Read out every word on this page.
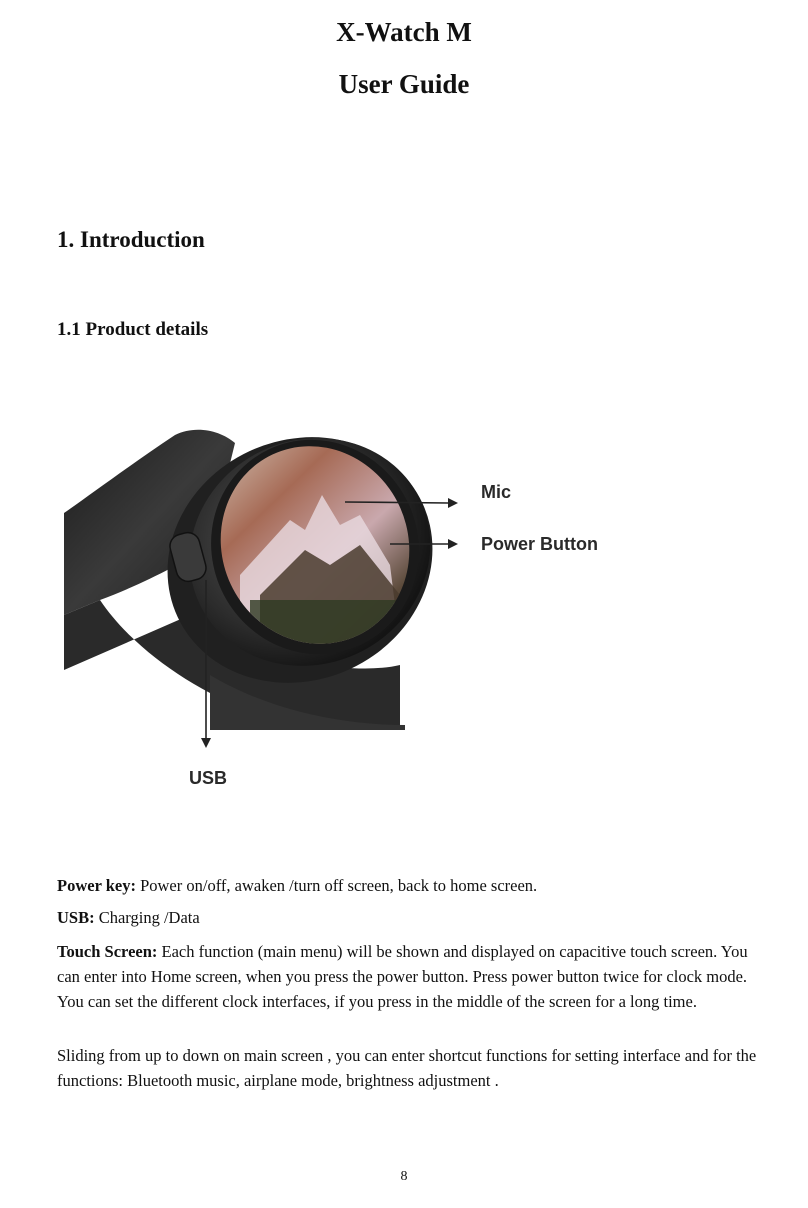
X-Watch M
User Guide
1. Introduction
1.1 Product details
Mic
Power Button
USB

Power key: Power on/off, awaken /turn off screen, back to home screen.

USB: Charging /Data

Touch Screen: Each function (main menu) will be shown and displayed on capacitive touch screen. You can enter into Home screen, when you press the power button. Press power button twice for clock mode. You can set the different clock interfaces, if you press in the middle of the screen for a long time.

Sliding from up to down on main screen , you can enter shortcut functions for setting interface and for the functions: Bluetooth music, airplane mode, brightness adjustment .

8
